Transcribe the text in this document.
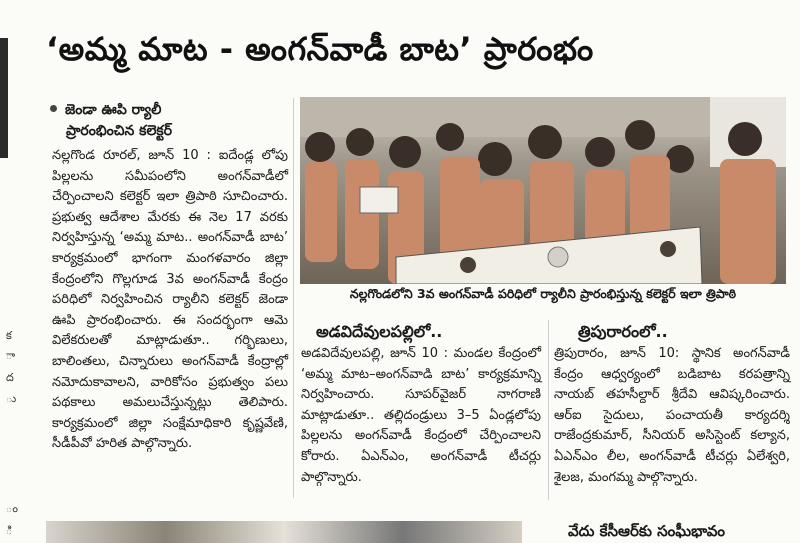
క
ా
ద
ు
ం
ి
‘అమ్మ మాట - అంగన్‌వాడీ బాట’ ప్రారంభం
జెండా ఊపి ర్యాలీ
ప్రారంభించిన కలెక్టర్

నల్లగొండ రూరల్, జూన్ 10 : ఐదేండ్ల లోపు పిల్లలను సమీపంలోని అంగన్‌వాడీలో చేర్పించాలని కలెక్టర్ ఇలా త్రిపాఠి సూచించారు. ప్రభుత్వ ఆదేశాల మేరకు ఈ నెల 17 వరకు నిర్వహిస్తున్న ‘అమ్మ మాట.. అంగన్‌వాడీ బాట’ కార్యక్రమంలో భాగంగా మంగళవారం జిల్లా కేంద్రంలోని గొల్లగూడ 3వ అంగన్‌వాడీ కేంద్రం పరిధిలో నిర్వహించిన ర్యాలీని కలెక్టర్ జెండా ఊపి ప్రారంభించారు. ఈ సందర్భంగా ఆమె విలేకరులతో మాట్లాడుతూ.. గర్భిణులు, బాలింతలు, చిన్నారులు అంగన్‌వాడీ కేంద్రాల్లో నమోదుకావాలని, వారికోసం ప్రభుత్వం పలు పథకాలు అమలుచేస్తున్నట్లు తెలిపారు. కార్యక్రమంలో జిల్లా సంక్షేమాధికారి కృష్ణవేణి, సీడీపీవో హరిత పాల్గొన్నారు.

నల్లగొండలోని 3వ అంగన్‌వాడీ పరిధిలో ర్యాలీని ప్రారంభిస్తున్న కలెక్టర్ ఇలా త్రిపాఠి
అడవిదేవులపల్లిలో..

అడవిదేవులపల్లి, జూన్ 10 : మండల కేంద్రంలో ‘అమ్మ మాట–అంగన్‌వాడి బాట’ కార్యక్రమాన్ని నిర్వహించారు. సూపర్‌వైజర్ నాగరాణి మాట్లాడుతూ.. తల్లిదండ్రులు 3–5 ఏండ్లలోపు పిల్లలను అంగన్‌వాడీ కేంద్రంలో చేర్పించాలని కోరారు. ఏఎన్ఎం, అంగన్‌వాడీ టీచర్లు పాల్గొన్నారు.

త్రిపురారంలో..

త్రిపురారం, జూన్ 10: స్థానిక అంగన్‌వాడీ కేంద్రం ఆధ్వర్యంలో బడిబాట కరపత్రాన్ని నాయబ్ తహసీల్దార్ శ్రీదేవి ఆవిష్కరించారు. ఆర్ఐ సైదులు, పంచాయతీ కార్యదర్శి రాజేంద్రకుమార్, సీనియర్ అసిస్టెంట్ కల్యాన, ఏఎన్ఎం లీల, అంగన్‌వాడీ టీచర్లు ఏలేశ్వరి, శైలజ, మంగమ్మ పాల్గొన్నారు.

వేదు కేసీఆర్‌కు సంఘీభావం
